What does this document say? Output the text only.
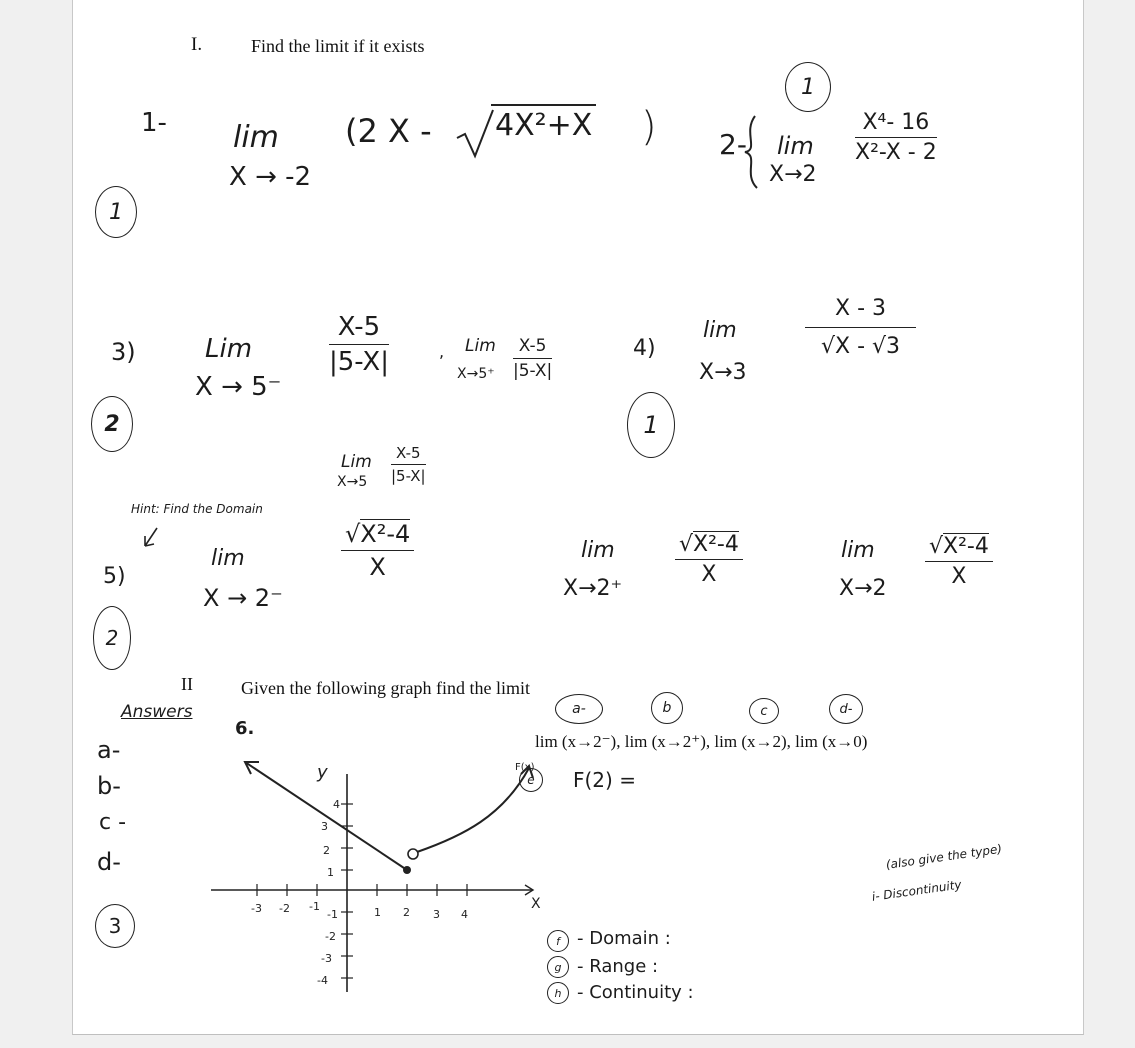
I.	Find the limit if it exists
1- lim (2 X - 4X²+X )
X → -2
1
2- lim
X→2
$\frac{\text{X⁴- 16}}{\text{X²-X - 2}}$
1
3)	Lim
X → 5⁻
$\frac{X-5}{|5-X|}$	, Lim
$X\to 5^+ \frac{X-5}{|5-X|}$
Lim
$X\to 5 \frac{X-5}{|5-X|}$
2
4)
lim
X→3
$\frac{X - 3}{√X - √3}$
1
Hint: Find the Domain
5)
lim
X → 2⁻
$\frac{\text{√X²-4}}{X}$	lim
X→2⁺
$\frac{\text{√X²-4}}{X}$	lim
$X\to 2 \frac{\text{√X²-4}}{X}$
2
II	Given the following graph find the limit
Answers
6.
a-
b-
c -
d-
3
a-	b	c	d-
lim (x→2⁻), lim (x→2⁺), lim (x→2), lim (x→0)
e	F(2) =
-3 -2 -1	1 2 3 4
4
3
2
1
-1
-2
-3
-4
y
X
F(x)
f - Domain :
g - Range :
h - Continuity :
(also give the type)
i- Discontinuity
